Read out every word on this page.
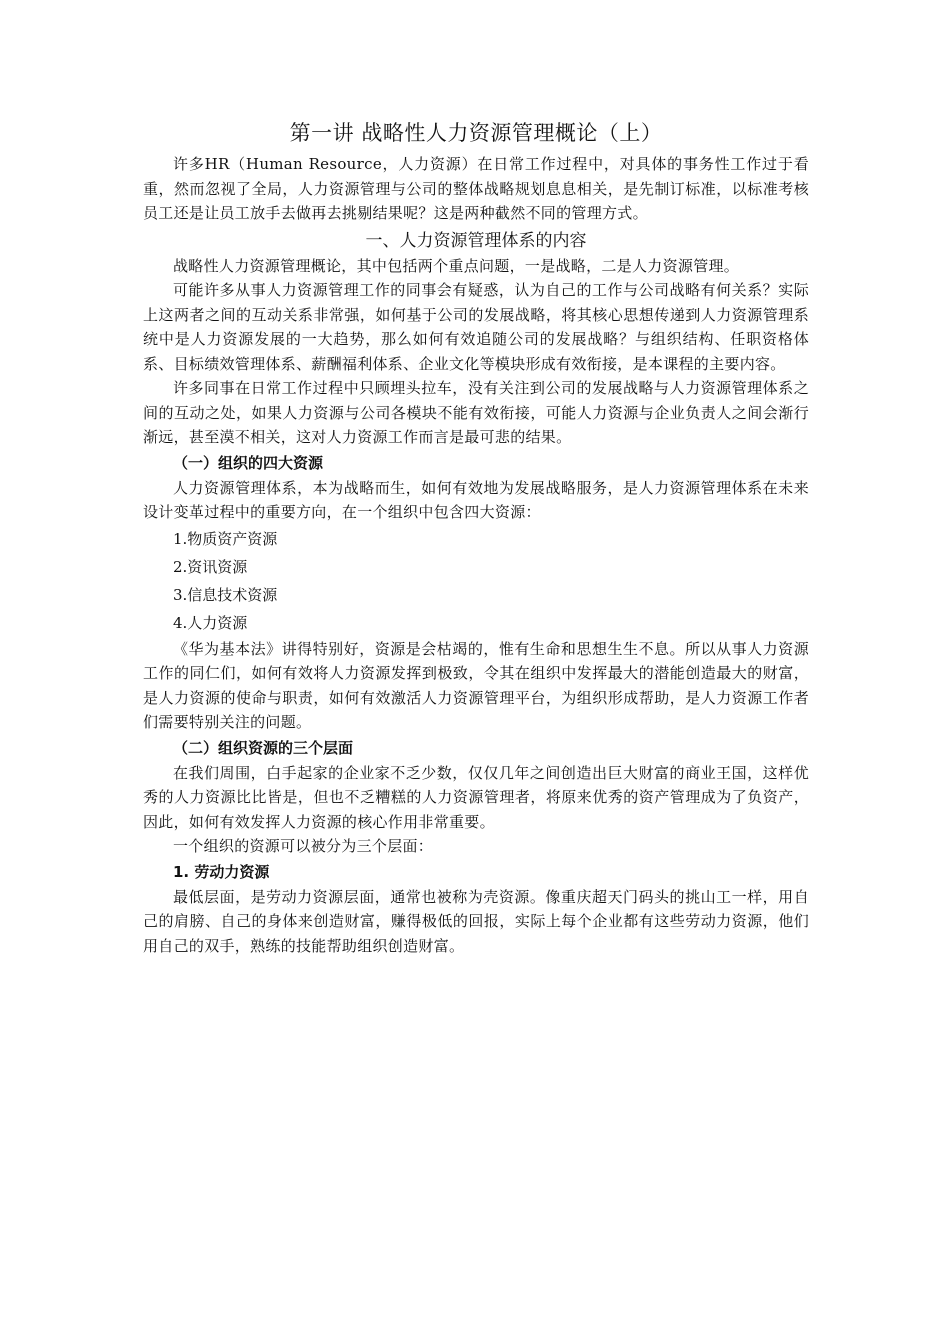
第一讲 战略性人力资源管理概论（上）

许多HR（Human Resource，人力资源）在日常工作过程中，对具体的事务性工作过于看重，然而忽视了全局，人力资源管理与公司的整体战略规划息息相关，是先制订标准，以标准考核员工还是让员工放手去做再去挑剔结果呢？这是两种截然不同的管理方式。

一、人力资源管理体系的内容

战略性人力资源管理概论，其中包括两个重点问题，一是战略，二是人力资源管理。

可能许多从事人力资源管理工作的同事会有疑惑，认为自己的工作与公司战略有何关系？实际上这两者之间的互动关系非常强，如何基于公司的发展战略，将其核心思想传递到人力资源管理系统中是人力资源发展的一大趋势，那么如何有效追随公司的发展战略？与组织结构、任职资格体系、目标绩效管理体系、薪酬福利体系、企业文化等模块形成有效衔接，是本课程的主要内容。

许多同事在日常工作过程中只顾埋头拉车，没有关注到公司的发展战略与人力资源管理体系之间的互动之处，如果人力资源与公司各模块不能有效衔接，可能人力资源与企业负责人之间会渐行渐远，甚至漠不相关，这对人力资源工作而言是最可悲的结果。

（一）组织的四大资源

人力资源管理体系，本为战略而生，如何有效地为发展战略服务，是人力资源管理体系在未来设计变革过程中的重要方向，在一个组织中包含四大资源：

1.物质资产资源
2.资讯资源
3.信息技术资源
4.人力资源

《华为基本法》讲得特别好，资源是会枯竭的，惟有生命和思想生生不息。所以从事人力资源工作的同仁们，如何有效将人力资源发挥到极致，令其在组织中发挥最大的潜能创造最大的财富，是人力资源的使命与职责，如何有效激活人力资源管理平台，为组织形成帮助，是人力资源工作者们需要特别关注的问题。

（二）组织资源的三个层面

在我们周围，白手起家的企业家不乏少数，仅仅几年之间创造出巨大财富的商业王国，这样优秀的人力资源比比皆是，但也不乏糟糕的人力资源管理者，将原来优秀的资产管理成为了负资产，因此，如何有效发挥人力资源的核心作用非常重要。

一个组织的资源可以被分为三个层面：

1. 劳动力资源

最低层面，是劳动力资源层面，通常也被称为壳资源。像重庆超天门码头的挑山工一样，用自己的肩膀、自己的身体来创造财富，赚得极低的回报，实际上每个企业都有这些劳动力资源，他们用自己的双手，熟练的技能帮助组织创造财富。
